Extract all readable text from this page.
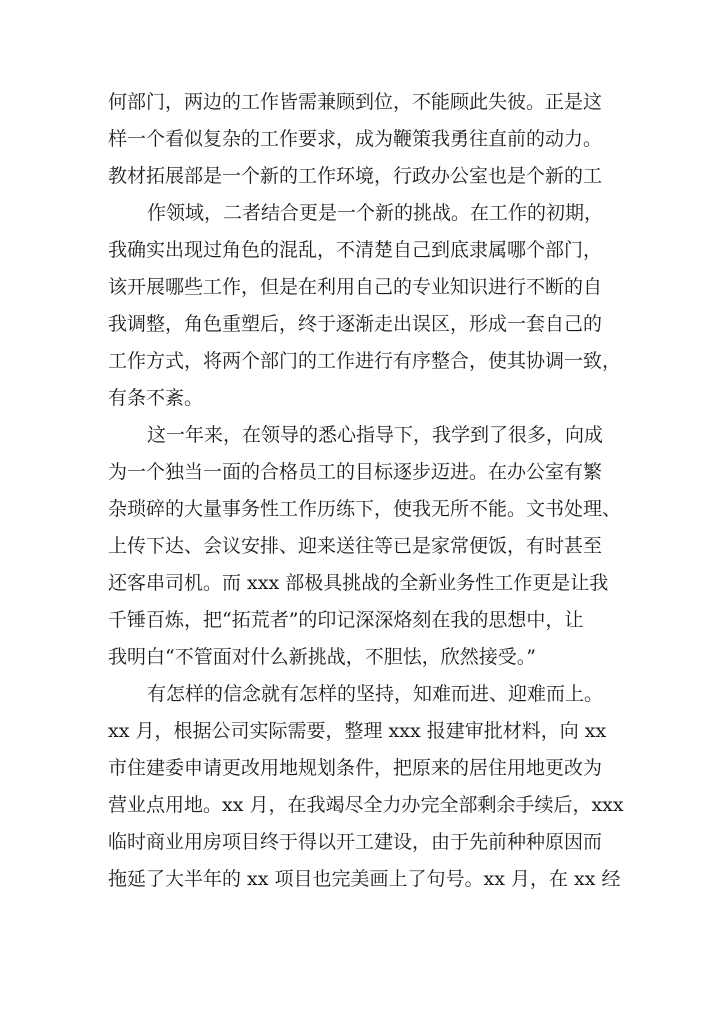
何部门，两边的工作皆需兼顾到位，不能顾此失彼。正是这
样一个看似复杂的工作要求，成为鞭策我勇往直前的动力。
教材拓展部是一个新的工作环境，行政办公室也是个新的工
作领域，二者结合更是一个新的挑战。在工作的初期，
我确实出现过角色的混乱，不清楚自己到底隶属哪个部门，
该开展哪些工作，但是在利用自己的专业知识进行不断的自
我调整，角色重塑后，终于逐渐走出误区，形成一套自己的
工作方式，将两个部门的工作进行有序整合，使其协调一致，
有条不紊。
这一年来，在领导的悉心指导下，我学到了很多，向成
为一个独当一面的合格员工的目标逐步迈进。在办公室有繁
杂琐碎的大量事务性工作历练下，使我无所不能。文书处理、
上传下达、会议安排、迎来送往等已是家常便饭，有时甚至
还客串司机。而 xxx 部极具挑战的全新业务性工作更是让我
千锤百炼，把“拓荒者”的印记深深烙刻在我的思想中，让
我明白“不管面对什么新挑战，不胆怯，欣然接受。”
有怎样的信念就有怎样的坚持，知难而进、迎难而上。
xx 月，根据公司实际需要，整理 xxx 报建审批材料，向 xx
市住建委申请更改用地规划条件，把原来的居住用地更改为
营业点用地。xx 月，在我竭尽全力办完全部剩余手续后，xxx
临时商业用房项目终于得以开工建设，由于先前种种原因而
拖延了大半年的 xx 项目也完美画上了句号。xx 月，在 xx 经
